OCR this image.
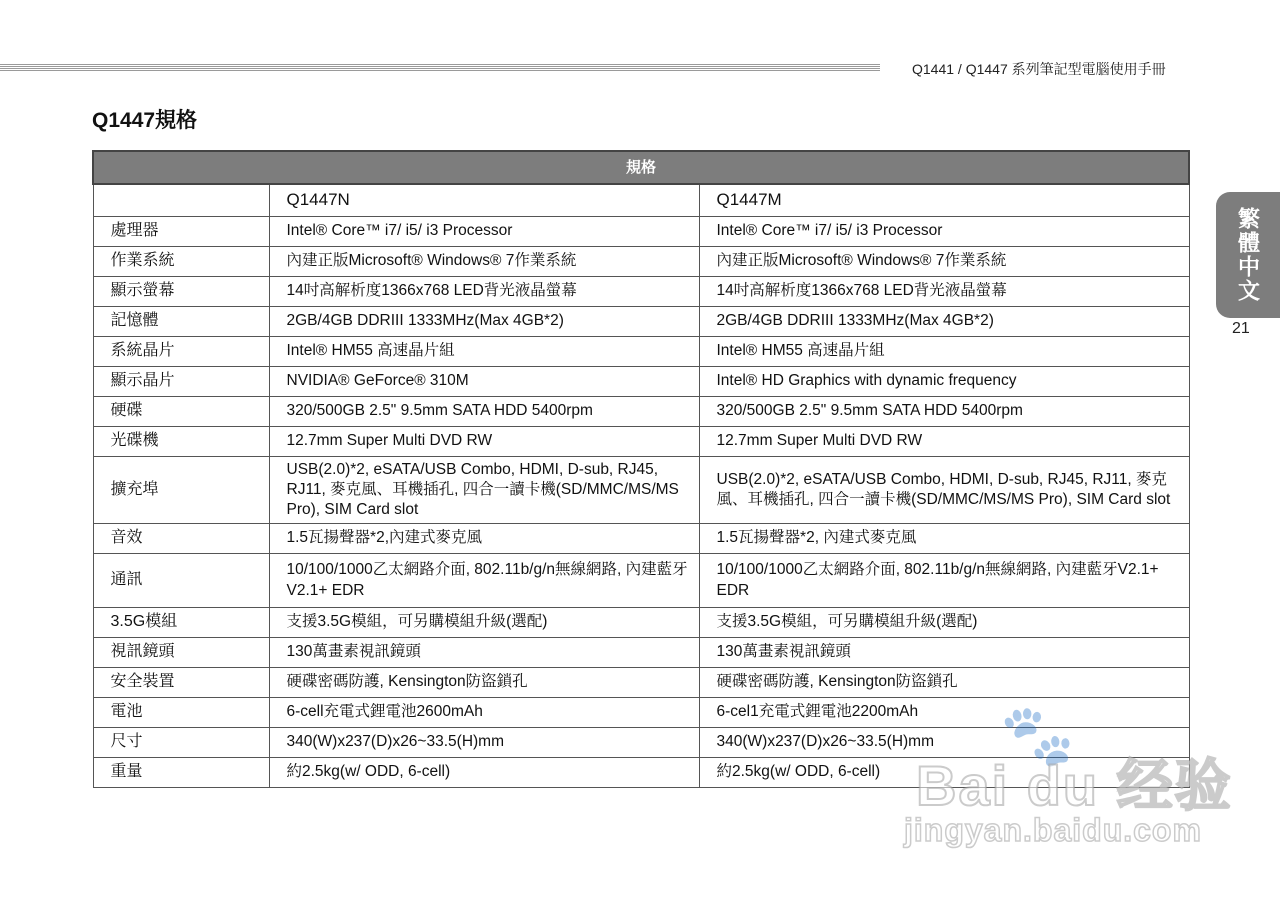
Q1441 / Q1447 系列筆記型電腦使用手冊
Q1447規格
繁體中文
21
規格		
	Q1447N	Q1447M
處理器	Intel® Core™ i7/ i5/ i3 Processor	Intel® Core™ i7/ i5/ i3 Processor
作業系統	內建正版Microsoft® Windows® 7作業系統	內建正版Microsoft® Windows® 7作業系統
顯示螢幕	14吋高解析度1366x768 LED背光液晶螢幕	14吋高解析度1366x768 LED背光液晶螢幕
記憶體	2GB/4GB DDRIII 1333MHz(Max 4GB*2)	2GB/4GB DDRIII 1333MHz(Max 4GB*2)
系統晶片	Intel® HM55 高速晶片組	Intel® HM55 高速晶片組
顯示晶片	NVIDIA® GeForce® 310M	Intel® HD Graphics with dynamic frequency
硬碟	320/500GB 2.5" 9.5mm SATA HDD 5400rpm	320/500GB 2.5" 9.5mm SATA HDD 5400rpm
光碟機	12.7mm Super Multi DVD RW	12.7mm Super Multi DVD RW
擴充埠	USB(2.0)*2, eSATA/USB Combo, HDMI, D-sub, RJ45, RJ11, 麥克風、耳機插孔, 四合一讀卡機(SD/MMC/MS/MS Pro), SIM Card slot	USB(2.0)*2, eSATA/USB Combo, HDMI, D-sub, RJ45, RJ11, 麥克風、耳機插孔, 四合一讀卡機(SD/MMC/MS/MS Pro), SIM Card slot
音效	1.5瓦揚聲器*2,內建式麥克風	1.5瓦揚聲器*2, 內建式麥克風
通訊	10/100/1000乙太網路介面, 802.11b/g/n無線網路, 內建藍牙V2.1+ EDR	10/100/1000乙太網路介面, 802.11b/g/n無線網路, 內建藍牙V2.1+ EDR
3.5G模組	支援3.5G模組，可另購模組升級(選配)	支援3.5G模組，可另購模組升級(選配)
視訊鏡頭	130萬畫素視訊鏡頭	130萬畫素視訊鏡頭
安全裝置	硬碟密碼防護, Kensington防盜鎖孔	硬碟密碼防護, Kensington防盜鎖孔
電池	6-cell充電式鋰電池2600mAh	6-cel1充電式鋰電池2200mAh
尺寸	340(W)x237(D)x26~33.5(H)mm	340(W)x237(D)x26~33.5(H)mm
重量	約2.5kg(w/ ODD, 6-cell)	約2.5kg(w/ ODD, 6-cell)
🐾
Bai du 经验
jingyan.baidu.com
